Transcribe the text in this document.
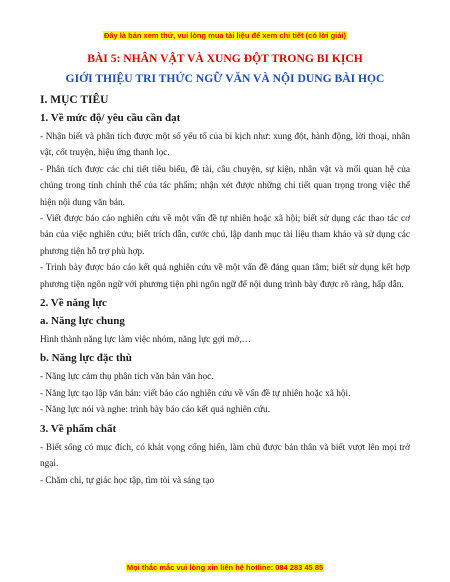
Đây là bản xem thử, vui lòng mua tài liệu để xem chi tiết (có lời giải)
BÀI 5: NHÂN VẬT VÀ XUNG ĐỘT TRONG BI KỊCH
GIỚI THIỆU TRI THỨC NGỮ VĂN VÀ NỘI DUNG BÀI HỌC
I. MỤC TIÊU
1. Về mức độ/ yêu cầu cần đạt

- Nhận biết và phân tích được một số yếu tố của bi kịch như: xung đột, hành động, lời thoại, nhân vật, cốt truyện, hiệu ứng thanh lọc.

- Phân tích được các chi tiết tiêu biểu, đề tài, câu chuyện, sự kiện, nhân vật và mối quan hệ của chúng trong tính chỉnh thể của tác phẩm; nhận xét được những chi tiết quan trọng trong việc thể hiện nội dung văn bản.

- Viết được báo cáo nghiên cứu về một vấn đề tự nhiên hoặc xã hội; biết sử dụng các thao tác cơ bản của việc nghiên cứu; biết trích dẫn, cước chú, lập danh mục tài liệu tham khảo và sử dụng các phương tiện hỗ trợ phù hợp.

- Trình bày được báo cáo kết quả nghiên cứu về một vấn đề đáng quan tâm; biết sử dụng kết hợp phương tiện ngôn ngữ với phương tiện phi ngôn ngữ để nội dung trình bày được rõ ràng, hấp dẫn.

2. Về năng lực
a. Năng lực chung

Hình thành năng lực làm việc nhóm, năng lực gợi mở,…

b. Năng lực đặc thù

- Năng lực cảm thụ phân tích văn bản văn học.

- Năng lực tạo lập văn bản: viết báo cáo nghiên cứu về vấn đề tự nhiên hoặc xã hội.

- Năng lực nói và nghe: trình bày báo cáo kết quả nghiên cứu.

3. Về phẩm chất

- Biết sống có mục đích, có khát vọng cống hiến, làm chủ được bản thân và biết vượt lên mọi trở ngại.

- Chăm chỉ, tự giác học tập, tìm tòi và sáng tạo

Mọi thắc mắc vui lòng xin liên hệ hotline: 084 283 45 85
